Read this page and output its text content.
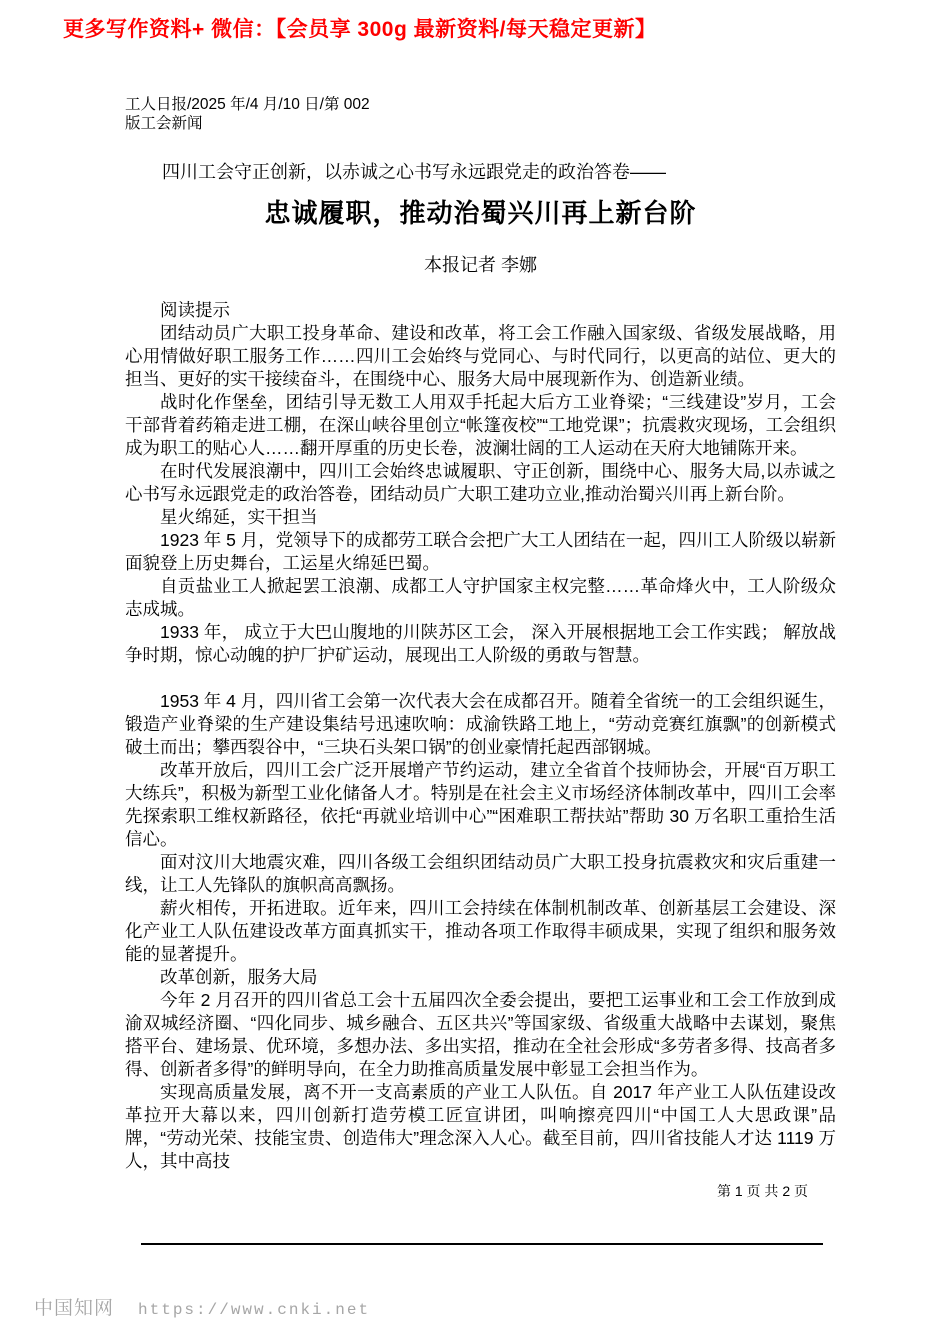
更多写作资料+ 微信：【会员享 300g 最新资料/每天稳定更新】
工人日报/2025 年/4 月/10 日/第 002
版工会新闻
四川工会守正创新，以赤诚之心书写永远跟党走的政治答卷——
忠诚履职，推动治蜀兴川再上新台阶
本报记者 李娜

阅读提示

团结动员广大职工投身革命、建设和改革，将工会工作融入国家级、省级发展战略，用心用情做好职工服务工作……四川工会始终与党同心、与时代同行，以更高的站位、更大的担当、更好的实干接续奋斗，在围绕中心、服务大局中展现新作为、创造新业绩。

战时化作堡垒，团结引导无数工人用双手托起大后方工业脊梁；“三线建设”岁月，工会干部背着药箱走进工棚，在深山峡谷里创立“帐篷夜校”“工地党课”；抗震救灾现场，工会组织成为职工的贴心人……翻开厚重的历史长卷，波澜壮阔的工人运动在天府大地铺陈开来。

在时代发展浪潮中，四川工会始终忠诚履职、守正创新，围绕中心、服务大局,以赤诚之心书写永远跟党走的政治答卷，团结动员广大职工建功立业,推动治蜀兴川再上新台阶。

星火绵延，实干担当

1923 年 5 月，党领导下的成都劳工联合会把广大工人团结在一起，四川工人阶级以崭新面貌登上历史舞台，工运星火绵延巴蜀。

自贡盐业工人掀起罢工浪潮、成都工人守护国家主权完整……革命烽火中，工人阶级众志成城。

1933 年， 成立于大巴山腹地的川陕苏区工会， 深入开展根据地工会工作实践； 解放战争时期，惊心动魄的护厂护矿运动，展现出工人阶级的勇敢与智慧。

1953 年 4 月，四川省工会第一次代表大会在成都召开。随着全省统一的工会组织诞生，锻造产业脊梁的生产建设集结号迅速吹响：成渝铁路工地上，“劳动竞赛红旗飘”的创新模式破土而出；攀西裂谷中，“三块石头架口锅”的创业豪情托起西部钢城。

改革开放后，四川工会广泛开展增产节约运动，建立全省首个技师协会，开展“百万职工大练兵”，积极为新型工业化储备人才。特别是在社会主义市场经济体制改革中，四川工会率先探索职工维权新路径，依托“再就业培训中心”“困难职工帮扶站”帮助 30 万名职工重拾生活信心。

面对汶川大地震灾难，四川各级工会组织团结动员广大职工投身抗震救灾和灾后重建一线，让工人先锋队的旗帜高高飘扬。

薪火相传，开拓进取。近年来，四川工会持续在体制机制改革、创新基层工会建设、深化产业工人队伍建设改革方面真抓实干，推动各项工作取得丰硕成果，实现了组织和服务效能的显著提升。

改革创新，服务大局

今年 2 月召开的四川省总工会十五届四次全委会提出，要把工运事业和工会工作放到成渝双城经济圈、“四化同步、城乡融合、五区共兴”等国家级、省级重大战略中去谋划，聚焦搭平台、建场景、优环境，多想办法、多出实招，推动在全社会形成“多劳者多得、技高者多得、创新者多得”的鲜明导向，在全力助推高质量发展中彰显工会担当作为。

实现高质量发展，离不开一支高素质的产业工人队伍。自 2017 年产业工人队伍建设改革拉开大幕以来，四川创新打造劳模工匠宣讲团，叫响擦亮四川“中国工人大思政课”品牌，“劳动光荣、技能宝贵、创造伟大”理念深入人心。截至目前，四川省技能人才达 1119 万人，其中高技

第 1 页 共 2 页
中国知网 https://www.cnki.net
